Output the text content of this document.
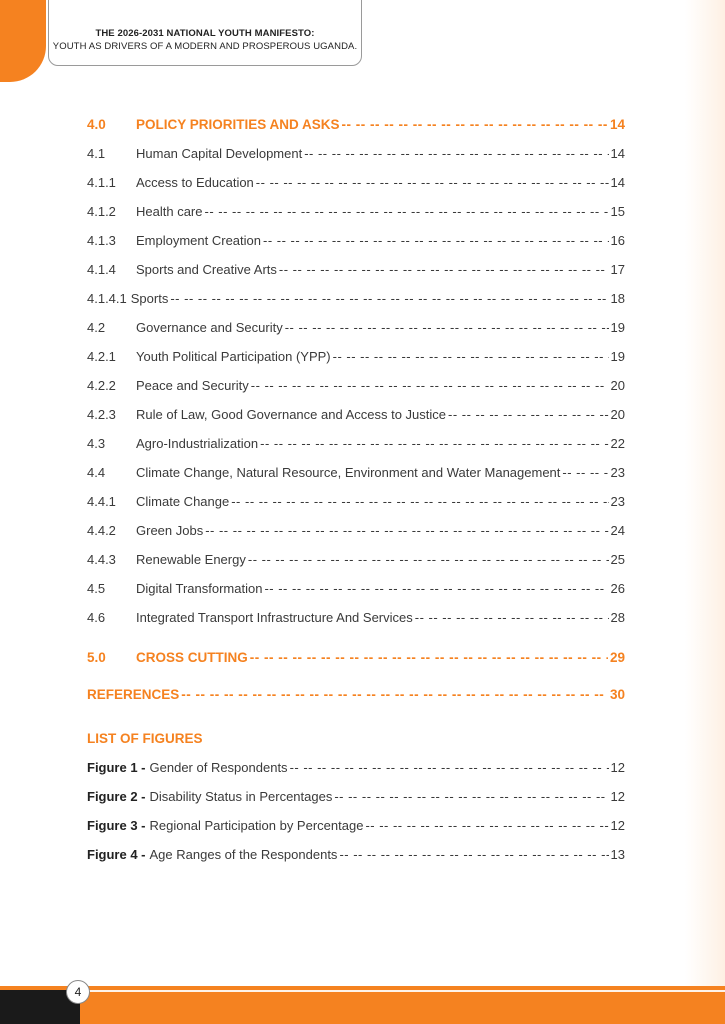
THE 2026-2031 NATIONAL YOUTH MANIFESTO:
YOUTH AS DRIVERS OF A MODERN AND PROSPEROUS UGANDA.
4.0	POLICY PRIORITIES AND ASKS -- --	14
4.1	Human Capital Development -- --	14
4.1.1	Access to Education -- --	14
4.1.2	Health care -- --	15
4.1.3	Employment Creation -- --	16
4.1.4	Sports and Creative Arts -- --	17
4.1.4.1 Sports -- --	18
4.2	Governance and Security -- --	19
4.2.1	Youth Political Participation (YPP) -- --	19
4.2.2	Peace and Security -- --	20
4.2.3	Rule of Law, Good Governance and Access to Justice -- --	20
4.3	Agro-Industrialization -- --	22
4.4	Climate Change, Natural Resource, Environment and Water Management -- --	23
4.4.1	Climate Change -- --	23
4.4.2	Green Jobs -- --	24
4.4.3	Renewable Energy -- --	25
4.5	Digital Transformation -- --	26
4.6	Integrated Transport Infrastructure And Services -- --	28
5.0	CROSS CUTTING -- --	29
REFERENCES -- --	30
LIST OF FIGURES
Figure 1 - Gender of Respondents -- --	12
Figure 2 - Disability Status in Percentages -- --	12
Figure 3 - Regional Participation by Percentage -- --	12
Figure 4 - Age Ranges of the Respondents -- --	13
4
